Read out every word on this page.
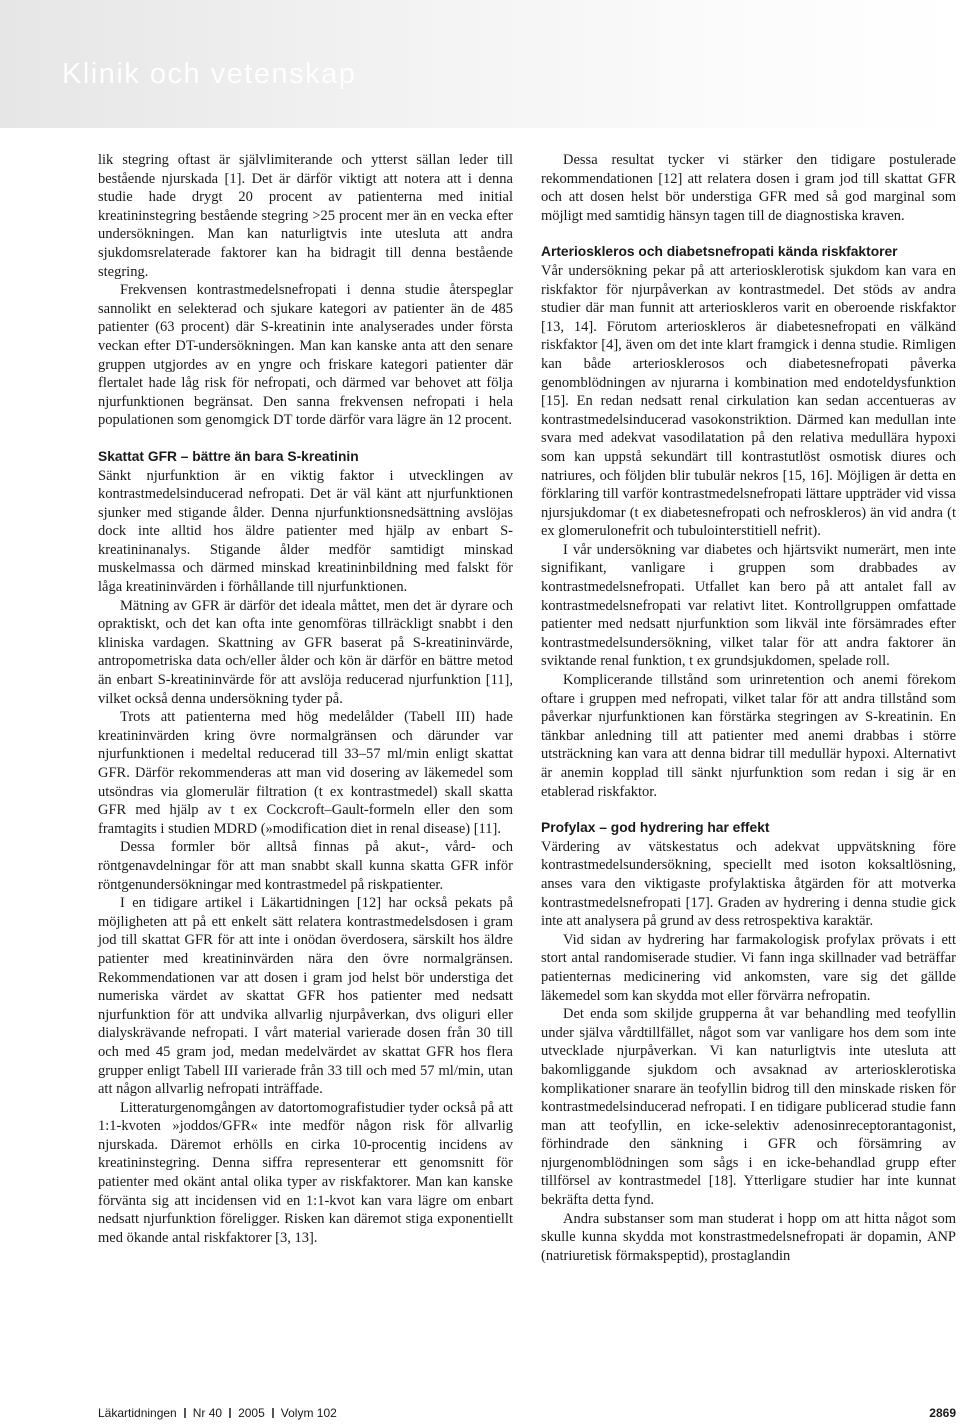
Klinik och vetenskap

lik stegring oftast är självlimiterande och ytterst sällan leder till bestående njurskada [1]. Det är därför viktigt att notera att i denna studie hade drygt 20 procent av patienterna med initial kreatininstegring bestående stegring >25 procent mer än en vecka efter undersökningen. Man kan naturligtvis inte utesluta att andra sjukdomsrelaterade faktorer kan ha bidragit till denna bestående stegring.

Frekvensen kontrastmedelsnefropati i denna studie återspeglar sannolikt en selekterad och sjukare kategori av patienter än de 485 patienter (63 procent) där S-kreatinin inte analyserades under första veckan efter DT-undersökningen. Man kan kanske anta att den senare gruppen utgjordes av en yngre och friskare kategori patienter där flertalet hade låg risk för nefropati, och därmed var behovet att följa njurfunktionen begränsat. Den sanna frekvensen nefropati i hela populationen som genomgick DT torde därför vara lägre än 12 procent.

Skattat GFR – bättre än bara S-kreatinin

Sänkt njurfunktion är en viktig faktor i utvecklingen av kontrastmedelsinducerad nefropati. Det är väl känt att njurfunktionen sjunker med stigande ålder. Denna njurfunktionsnedsättning avslöjas dock inte alltid hos äldre patienter med hjälp av enbart S-kreatininanalys. Stigande ålder medför samtidigt minskad muskelmassa och därmed minskad kreatininbildning med falskt för låga kreatininvärden i förhållande till njurfunktionen.

Mätning av GFR är därför det ideala måttet, men det är dyrare och opraktiskt, och det kan ofta inte genomföras tillräckligt snabbt i den kliniska vardagen. Skattning av GFR baserat på S-kreatininvärde, antropometriska data och/eller ålder och kön är därför en bättre metod än enbart S-kreatininvärde för att avslöja reducerad njurfunktion [11], vilket också denna undersökning tyder på.

Trots att patienterna med hög medelålder (Tabell III) hade kreatininvärden kring övre normalgränsen och därunder var njurfunktionen i medeltal reducerad till 33–57 ml/min enligt skattat GFR. Därför rekommenderas att man vid dosering av läkemedel som utsöndras via glomerulär filtration (t ex kontrastmedel) skall skatta GFR med hjälp av t ex Cockcroft–Gault-formeln eller den som framtagits i studien MDRD (»modification diet in renal disease) [11].

Dessa formler bör alltså finnas på akut-, vård- och röntgenavdelningar för att man snabbt skall kunna skatta GFR inför röntgenundersökningar med kontrastmedel på riskpatienter.

I en tidigare artikel i Läkartidningen [12] har också pekats på möjligheten att på ett enkelt sätt relatera kontrastmedelsdosen i gram jod till skattat GFR för att inte i onödan överdosera, särskilt hos äldre patienter med kreatininvärden nära den övre normalgränsen. Rekommendationen var att dosen i gram jod helst bör understiga det numeriska värdet av skattat GFR hos patienter med nedsatt njurfunktion för att undvika allvarlig njurpåverkan, dvs oliguri eller dialyskrävande nefropati. I vårt material varierade dosen från 30 till och med 45 gram jod, medan medelvärdet av skattat GFR hos flera grupper enligt Tabell III varierade från 33 till och med 57 ml/min, utan att någon allvarlig nefropati inträffade.

Litteraturgenomgången av datortomografistudier tyder också på att 1:1-kvoten »joddos/GFR« inte medför någon risk för allvarlig njurskada. Däremot erhölls en cirka 10-procentig incidens av kreatininstegring. Denna siffra representerar ett genomsnitt för patienter med okänt antal olika typer av riskfaktorer. Man kan kanske förvänta sig att incidensen vid en 1:1-kvot kan vara lägre om enbart nedsatt njurfunktion föreligger. Risken kan däremot stiga exponentiellt med ökande antal riskfaktorer [3, 13].

Dessa resultat tycker vi stärker den tidigare postulerade rekommendationen [12] att relatera dosen i gram jod till skattat GFR och att dosen helst bör understiga GFR med så god marginal som möjligt med samtidig hänsyn tagen till de diagnostiska kraven.

Arterioskleros och diabetsnefropati kända riskfaktorer

Vår undersökning pekar på att arteriosklerotisk sjukdom kan vara en riskfaktor för njurpåverkan av kontrastmedel. Det stöds av andra studier där man funnit att arterioskleros varit en oberoende riskfaktor [13, 14]. Förutom arterioskleros är diabetesnefropati en välkänd riskfaktor [4], även om det inte klart framgick i denna studie. Rimligen kan både arteriosklerosos och diabetesnefropati påverka genomblödningen av njurarna i kombination med endoteldysfunktion [15]. En redan nedsatt renal cirkulation kan sedan accentueras av kontrastmedelsinducerad vasokonstriktion. Därmed kan medullan inte svara med adekvat vasodilatation på den relativa medullära hypoxi som kan uppstå sekundärt till kontrastutlöst osmotisk diures och natriures, och följden blir tubulär nekros [15, 16]. Möjligen är detta en förklaring till varför kontrastmedelsnefropati lättare uppträder vid vissa njursjukdomar (t ex diabetesnefropati och nefroskleros) än vid andra (t ex glomerulonefrit och tubulointerstitiell nefrit).

I vår undersökning var diabetes och hjärtsvikt numerärt, men inte signifikant, vanligare i gruppen som drabbades av kontrastmedelsnefropati. Utfallet kan bero på att antalet fall av kontrastmedelsnefropati var relativt litet. Kontrollgruppen omfattade patienter med nedsatt njurfunktion som likväl inte försämrades efter kontrastmedelsundersökning, vilket talar för att andra faktorer än sviktande renal funktion, t ex grundsjukdomen, spelade roll.

Komplicerande tillstånd som urinretention och anemi förekom oftare i gruppen med nefropati, vilket talar för att andra tillstånd som påverkar njurfunktionen kan förstärka stegringen av S-kreatinin. En tänkbar anledning till att patienter med anemi drabbas i större utsträckning kan vara att denna bidrar till medullär hypoxi. Alternativt är anemin kopplad till sänkt njurfunktion som redan i sig är en etablerad riskfaktor.

Profylax – god hydrering har effekt

Värdering av vätskestatus och adekvat uppvätskning före kontrastmedelsundersökning, speciellt med isoton koksaltlösning, anses vara den viktigaste profylaktiska åtgärden för att motverka kontrastmedelsnefropati [17]. Graden av hydrering i denna studie gick inte att analysera på grund av dess retrospektiva karaktär.

Vid sidan av hydrering har farmakologisk profylax prövats i ett stort antal randomiserade studier. Vi fann inga skillnader vad beträffar patienternas medicinering vid ankomsten, vare sig det gällde läkemedel som kan skydda mot eller förvärra nefropatin.

Det enda som skiljde grupperna åt var behandling med teofyllin under själva vårdtillfället, något som var vanligare hos dem som inte utvecklade njurpåverkan. Vi kan naturligtvis inte utesluta att bakomliggande sjukdom och avsaknad av arteriosklerotiska komplikationer snarare än teofyllin bidrog till den minskade risken för kontrastmedelsinducerad nefropati. I en tidigare publicerad studie fann man att teofyllin, en icke-selektiv adenosinreceptorantagonist, förhindrade den sänkning i GFR och försämring av njurgenomblödningen som sågs i en icke-behandlad grupp efter tillförsel av kontrastmedel [18]. Ytterligare studier har inte kunnat bekräfta detta fynd.

Andra substanser som man studerat i hopp om att hitta något som skulle kunna skydda mot konstrastmedelsnefropati är dopamin, ANP (natriuretisk förmakspeptid), prostaglandin

Läkartidningen Nr 40 2005 Volym 102	2869
